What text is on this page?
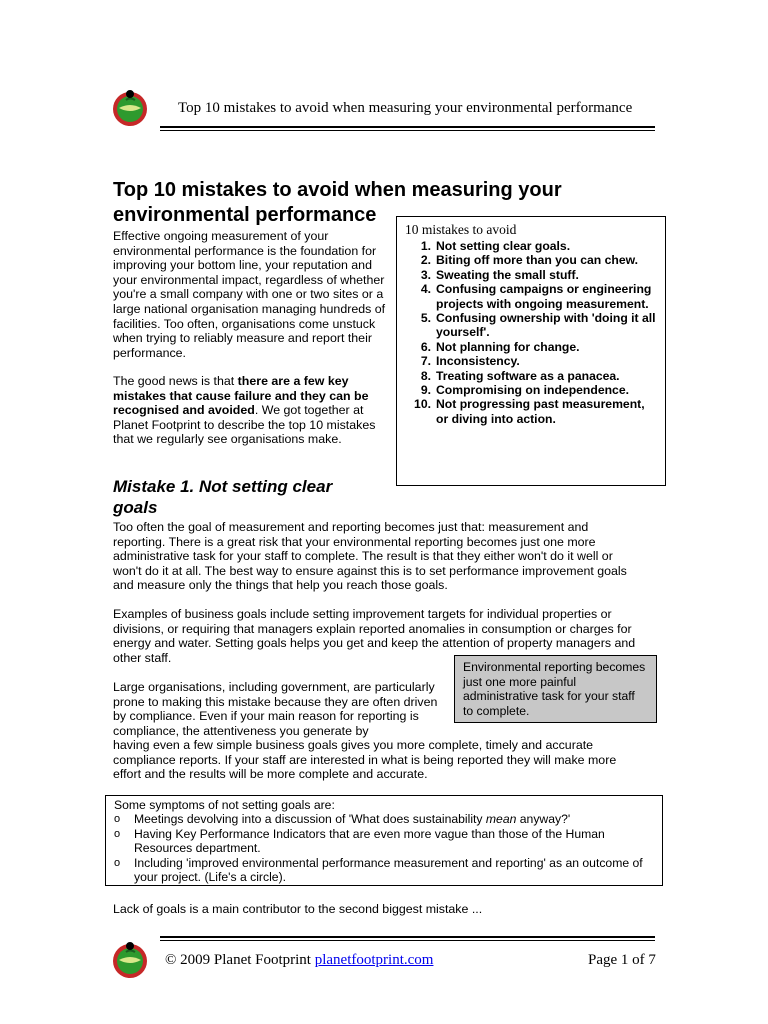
Top 10 mistakes to avoid when measuring your environmental performance
Top 10 mistakes to avoid when measuring your
environmental performance

Effective ongoing measurement of your environmental performance is the foundation for improving your bottom line, your reputation and your environmental impact, regardless of whether you're a small company with one or two sites or a large national organisation managing hundreds of facilities. Too often, organisations come unstuck when trying to reliably measure and report their performance.

The good news is that there are a few key mistakes that cause failure and they can be recognised and avoided. We got together at Planet Footprint to describe the top 10 mistakes that we regularly see organisations make.

10 mistakes to avoid
1. Not setting clear goals.
2. Biting off more than you can chew.
3. Sweating the small stuff.
4. Confusing campaigns or engineering projects with ongoing measurement.
5. Confusing ownership with 'doing it all yourself'.
6. Not planning for change.
7. Inconsistency.
8. Treating software as a panacea.
9. Compromising on independence.
10. Not progressing past measurement, or diving into action.
Mistake 1. Not setting clear goals

Too often the goal of measurement and reporting becomes just that: measurement and reporting. There is a great risk that your environmental reporting becomes just one more administrative task for your staff to complete. The result is that they either won't do it well or won't do it at all. The best way to ensure against this is to set performance improvement goals and measure only the things that help you reach those goals.

Examples of business goals include setting improvement targets for individual properties or divisions, or requiring that managers explain reported anomalies in consumption or charges for energy and water. Setting goals helps you get and keep the attention of property managers and other staff.

Large organisations, including government, are particularly prone to making this mistake because they are often driven by compliance. Even if your main reason for reporting is compliance, the attentiveness you generate by

having even a few simple business goals gives you more complete, timely and accurate compliance reports. If your staff are interested in what is being reported they will make more effort and the results will be more complete and accurate.

Environmental reporting becomes just one more painful administrative task for your staff to complete.
Some symptoms of not setting goals are:
o	Meetings devolving into a discussion of 'What does sustainability mean anyway?'
o	Having Key Performance Indicators that are even more vague than those of the Human Resources department.
o	Including 'improved environmental performance measurement and reporting' as an outcome of your project. (Life's a circle).

Lack of goals is a main contributor to the second biggest mistake ...

© 2009 Planet Footprint planetfootprint.com	Page 1 of 7
